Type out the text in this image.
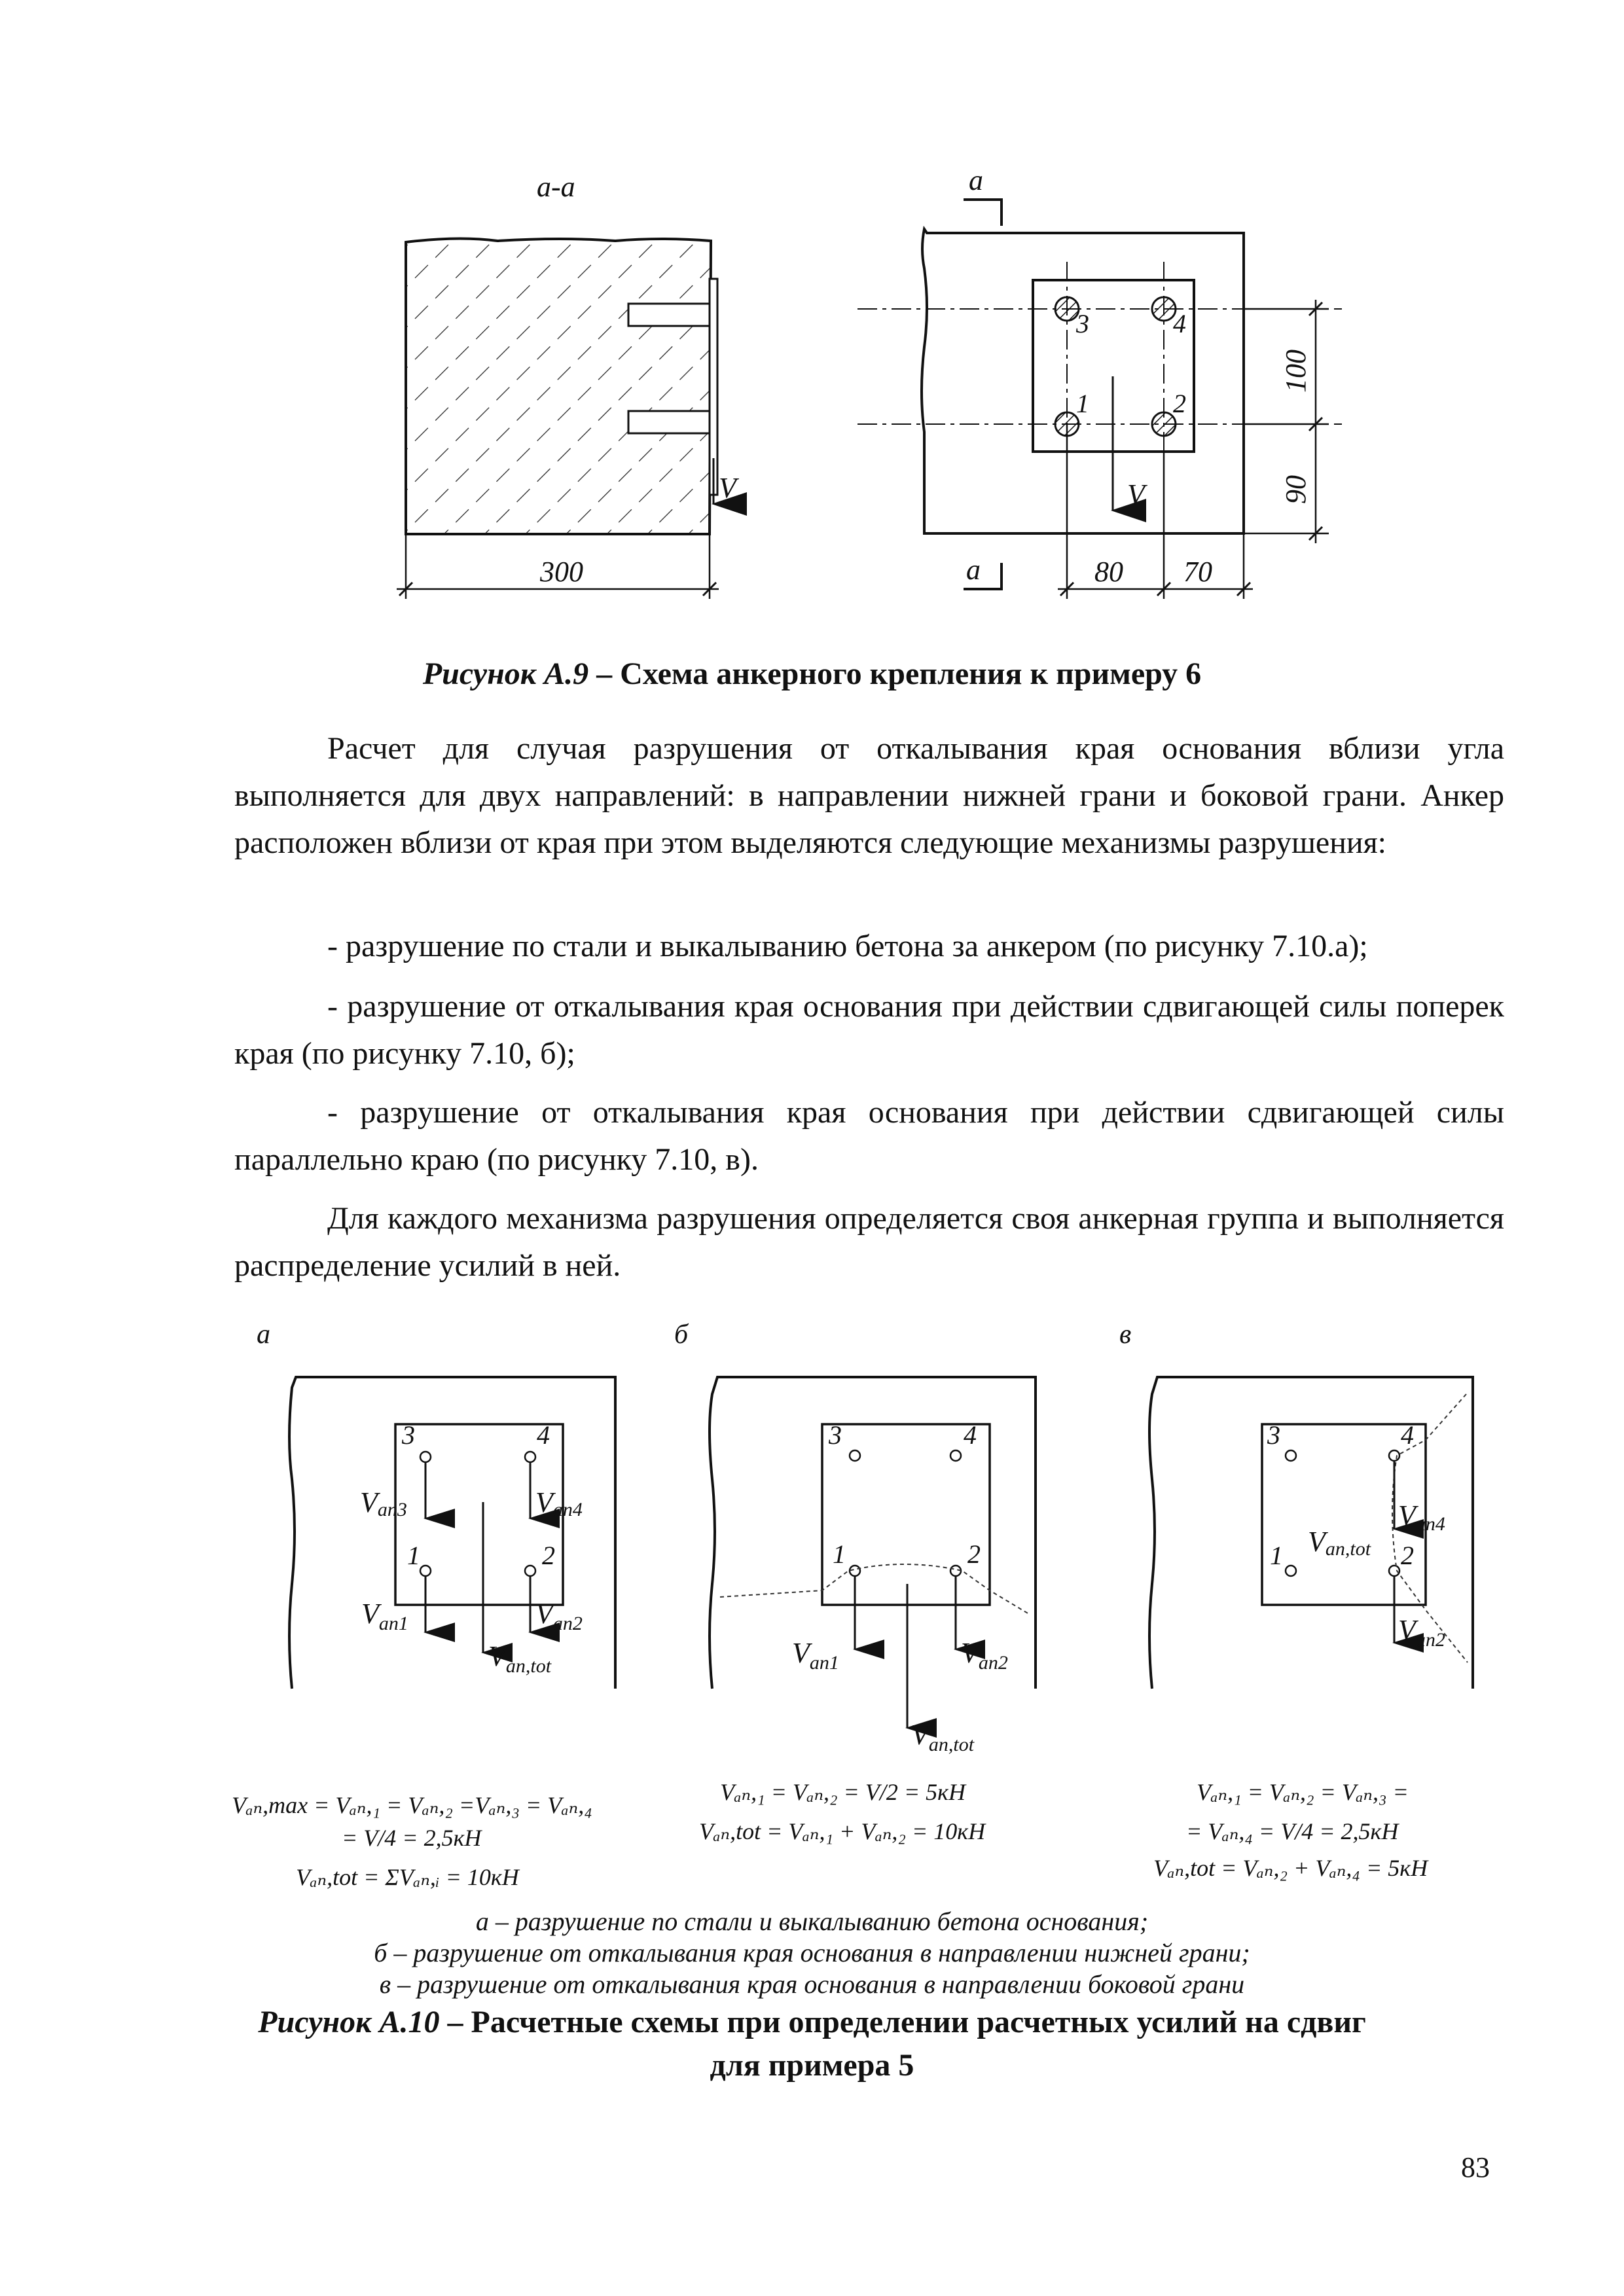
а-а
V
300
а
3	4
1	2
V
а	80 70
100
90
Рисунок А.9 – Схема анкерного крепления к примеру 6
Расчет для случая разрушения от откалывания края основания вблизи угла выполняется для двух направлений: в направлении нижней грани и боковой грани. Анкер расположен вблизи от края при этом выделяются следующие механизмы разрушения:
- разрушение по стали и выкалыванию бетона за анкером (по рисунку 7.10.а);
- разрушение от откалывания края основания при действии сдвигающей силы поперек края (по рисунку 7.10, б);
- разрушение от откалывания края основания при действии сдвигающей силы параллельно краю (по рисунку 7.10, в).
Для каждого механизма разрушения определяется своя анкерная группа и выполняется распределение усилий в ней.
а
3	4
1	2
Van3	Van4
$V_{an1}$	$V_{an2}$
$V_{an,tot}$
б
3	4
1	2
$V_{an1}$	$V_{an2}$
$V_{an,tot}$
в
3	4
1	2
Van4
$V_{an2}$
Van,tot
Vₐₙ,max = Vₐₙ,₁ = Vₐₙ,₂ =Vₐₙ,₃ = Vₐₙ,₄
= V/4 = 2,5кН
Vₐₙ,tot = ΣVₐₙ,ᵢ = 10кН
Vₐₙ,₁ = Vₐₙ,₂ = V/2 = 5кН
Vₐₙ,tot = Vₐₙ,₁ + Vₐₙ,₂ = 10кН
Vₐₙ,₁ = Vₐₙ,₂ = Vₐₙ,₃ =
= Vₐₙ,₄ = V/4 = 2,5кН
Vₐₙ,tot = Vₐₙ,₂ + Vₐₙ,₄ = 5кН
а – разрушение по стали и выкалыванию бетона основания;
б – разрушение от откалывания края основания в направлении нижней грани;
в – разрушение от откалывания края основания в направлении боковой грани
Рисунок А.10 – Расчетные схемы при определении расчетных усилий на сдвиг
для примера 5
83
